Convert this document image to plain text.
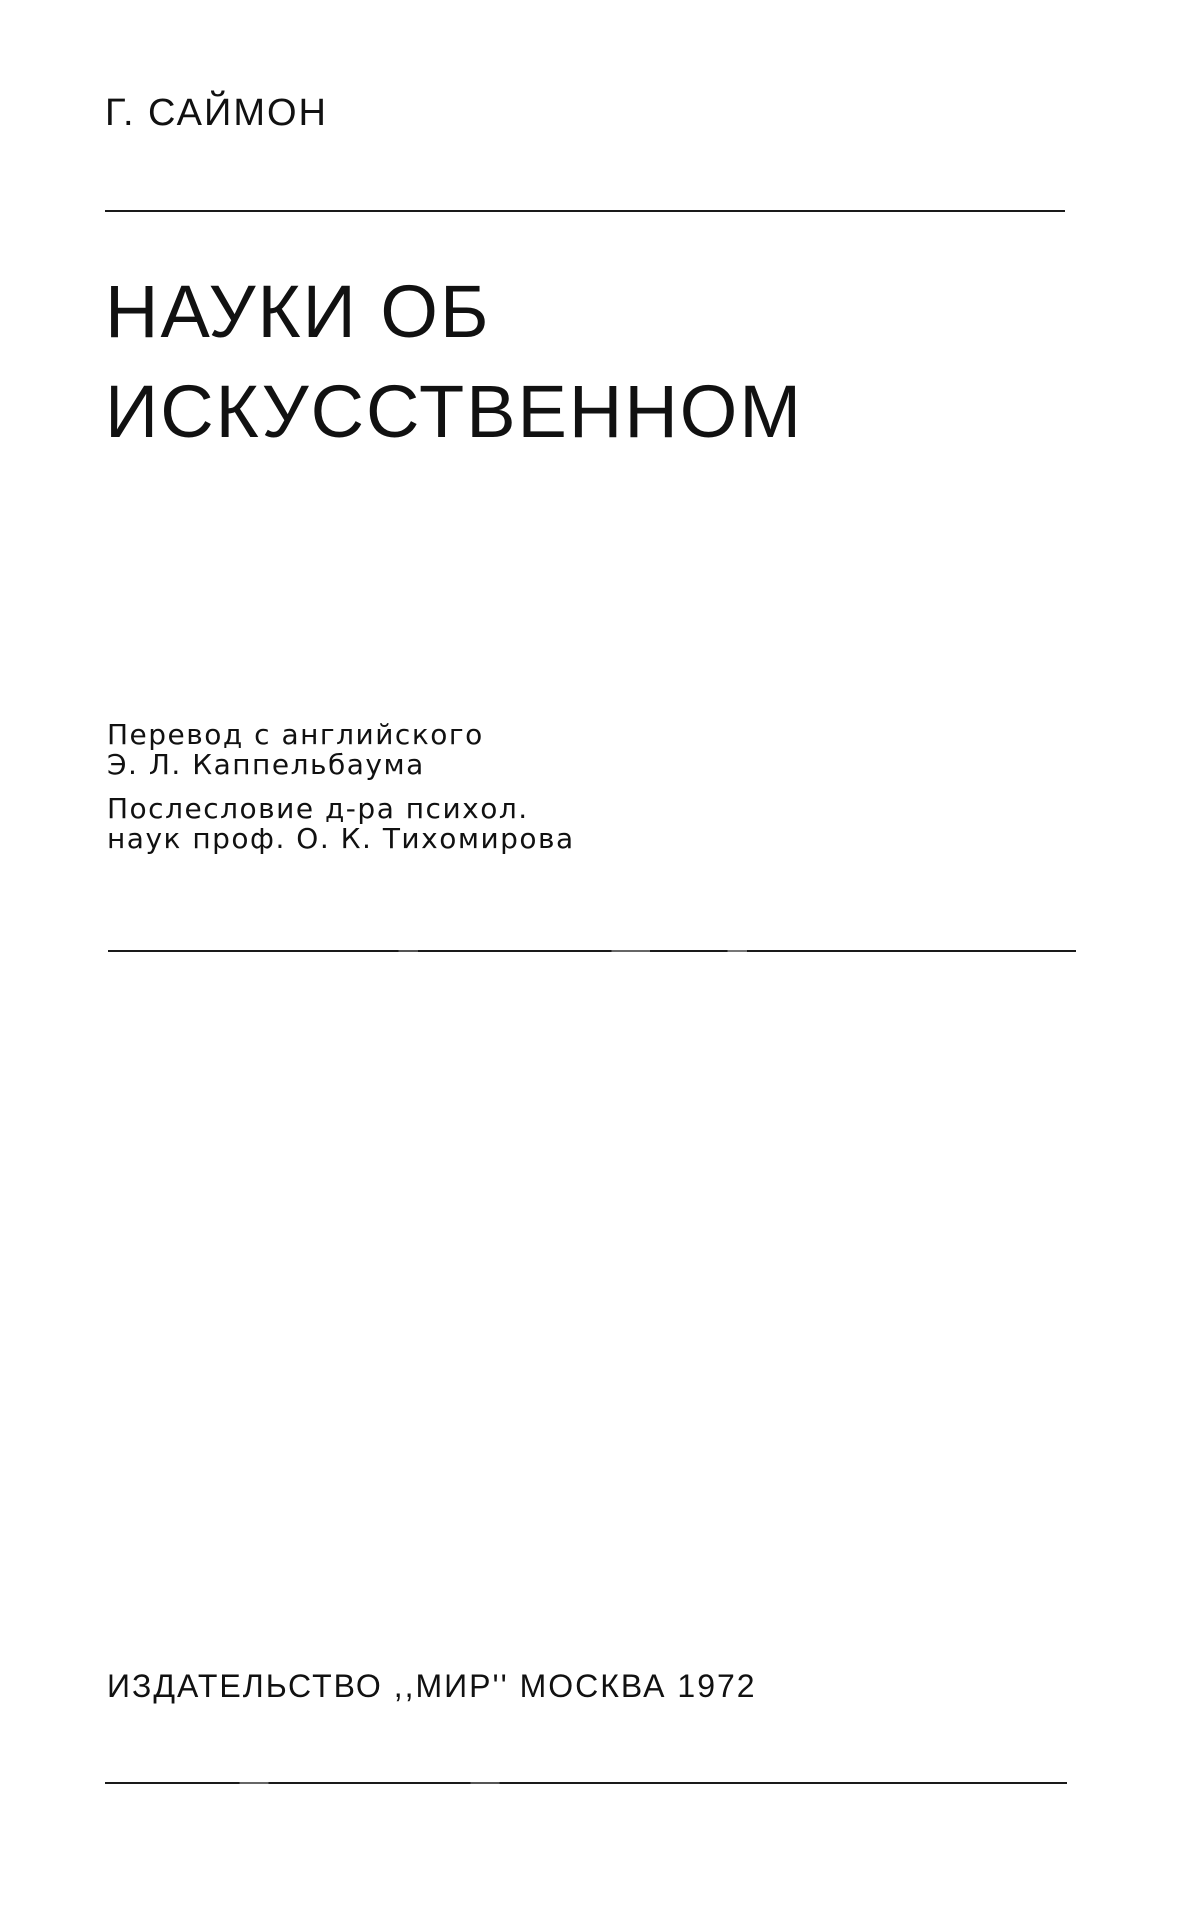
Г. САЙМОН
НАУКИ ОБ
ИСКУССТВЕННОМ
Перевод с английского
Э. Л. Каппельбаума
Послесловие д-ра психол.
наук проф. О. К. Тихомирова
ИЗДАТЕЛЬСТВО ,,МИР'' МОСКВА 1972
